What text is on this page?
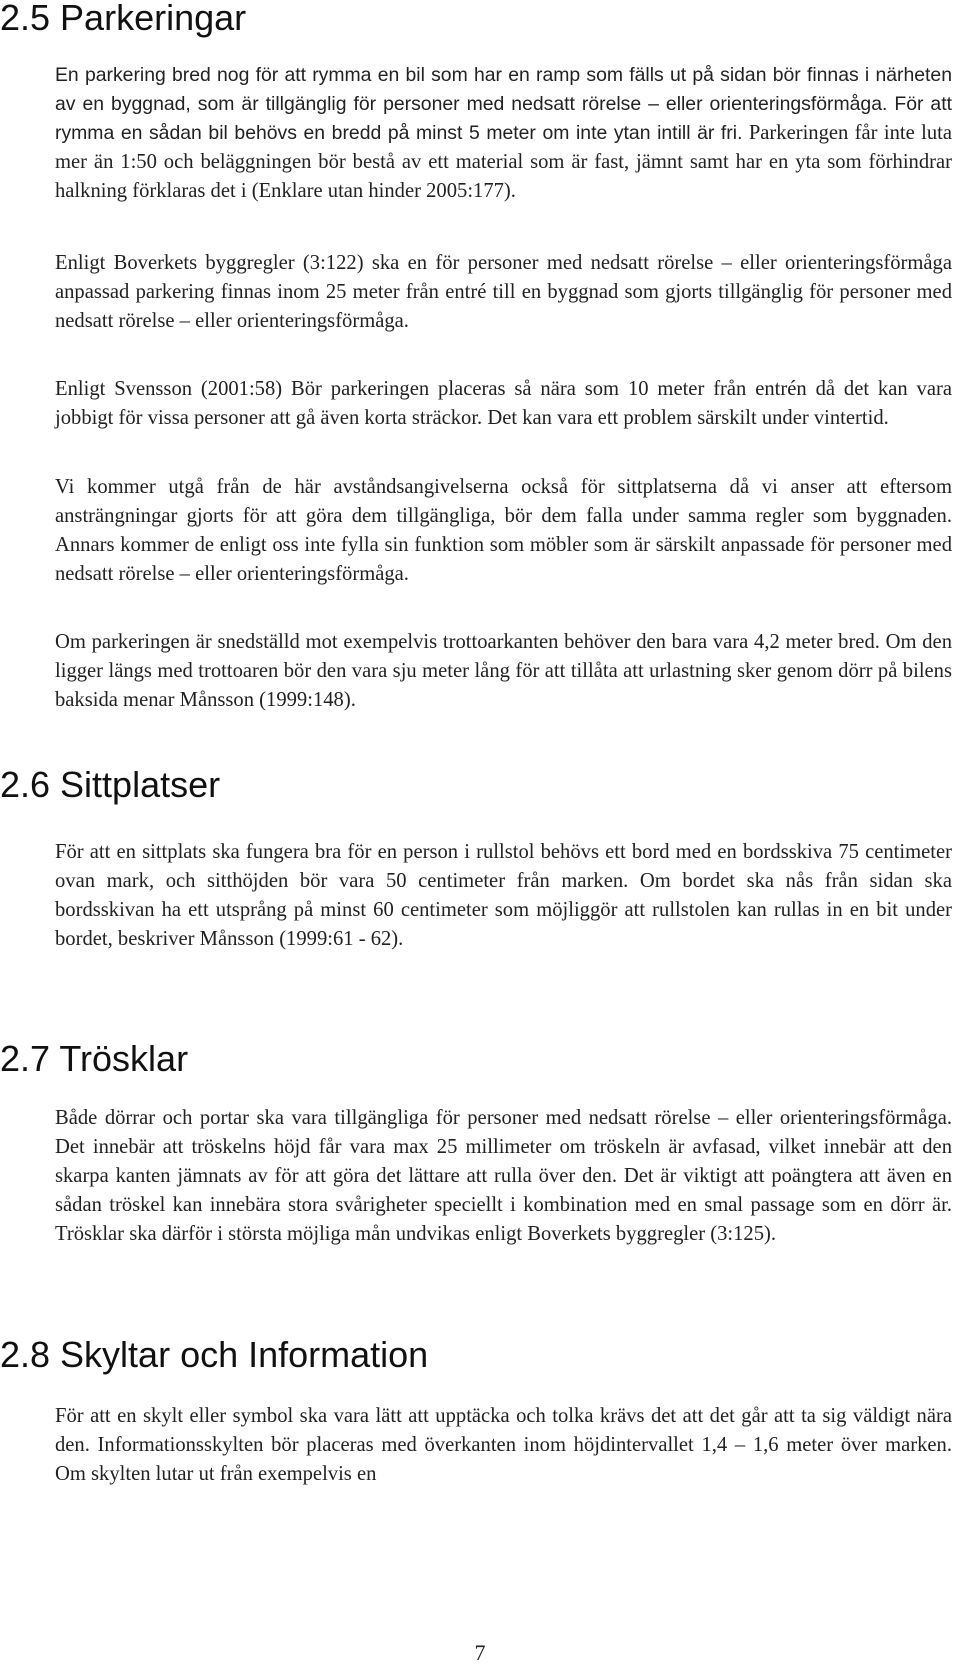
2.5 Parkeringar

En parkering bred nog för att rymma en bil som har en ramp som fälls ut på sidan bör finnas i närheten av en byggnad, som är tillgänglig för personer med nedsatt rörelse – eller orienteringsförmåga. För att rymma en sådan bil behövs en bredd på minst 5 meter om inte ytan intill är fri. Parkeringen får inte luta mer än 1:50 och beläggningen bör bestå av ett material som är fast, jämnt samt har en yta som förhindrar halkning förklaras det i (Enklare utan hinder 2005:177).

Enligt Boverkets byggregler (3:122) ska en för personer med nedsatt rörelse – eller orienteringsförmåga anpassad parkering finnas inom 25 meter från entré till en byggnad som gjorts tillgänglig för personer med nedsatt rörelse – eller orienteringsförmåga.

Enligt Svensson (2001:58) Bör parkeringen placeras så nära som 10 meter från entrén då det kan vara jobbigt för vissa personer att gå även korta sträckor. Det kan vara ett problem särskilt under vintertid.

Vi kommer utgå från de här avståndsangivelserna också för sittplatserna då vi anser att eftersom ansträngningar gjorts för att göra dem tillgängliga, bör dem falla under samma regler som byggnaden. Annars kommer de enligt oss inte fylla sin funktion som möbler som är särskilt anpassade för personer med nedsatt rörelse – eller orienteringsförmåga.

Om parkeringen är snedställd mot exempelvis trottoarkanten behöver den bara vara 4,2 meter bred. Om den ligger längs med trottoaren bör den vara sju meter lång för att tillåta att urlastning sker genom dörr på bilens baksida menar Månsson (1999:148).

2.6 Sittplatser

För att en sittplats ska fungera bra för en person i rullstol behövs ett bord med en bordsskiva 75 centimeter ovan mark, och sitthöjden bör vara 50 centimeter från marken. Om bordet ska nås från sidan ska bordsskivan ha ett utsprång på minst 60 centimeter som möjliggör att rullstolen kan rullas in en bit under bordet, beskriver Månsson (1999:61 - 62).

2.7 Trösklar

Både dörrar och portar ska vara tillgängliga för personer med nedsatt rörelse – eller orienteringsförmåga. Det innebär att tröskelns höjd får vara max 25 millimeter om tröskeln är avfasad, vilket innebär att den skarpa kanten jämnats av för att göra det lättare att rulla över den. Det är viktigt att poängtera att även en sådan tröskel kan innebära stora svårigheter speciellt i kombination med en smal passage som en dörr är. Trösklar ska därför i största möjliga mån undvikas enligt Boverkets byggregler (3:125).

2.8 Skyltar och Information

För att en skylt eller symbol ska vara lätt att upptäcka och tolka krävs det att det går att ta sig väldigt nära den. Informationsskylten bör placeras med överkanten inom höjdintervallet 1,4 – 1,6 meter över marken. Om skylten lutar ut från exempelvis en

7
